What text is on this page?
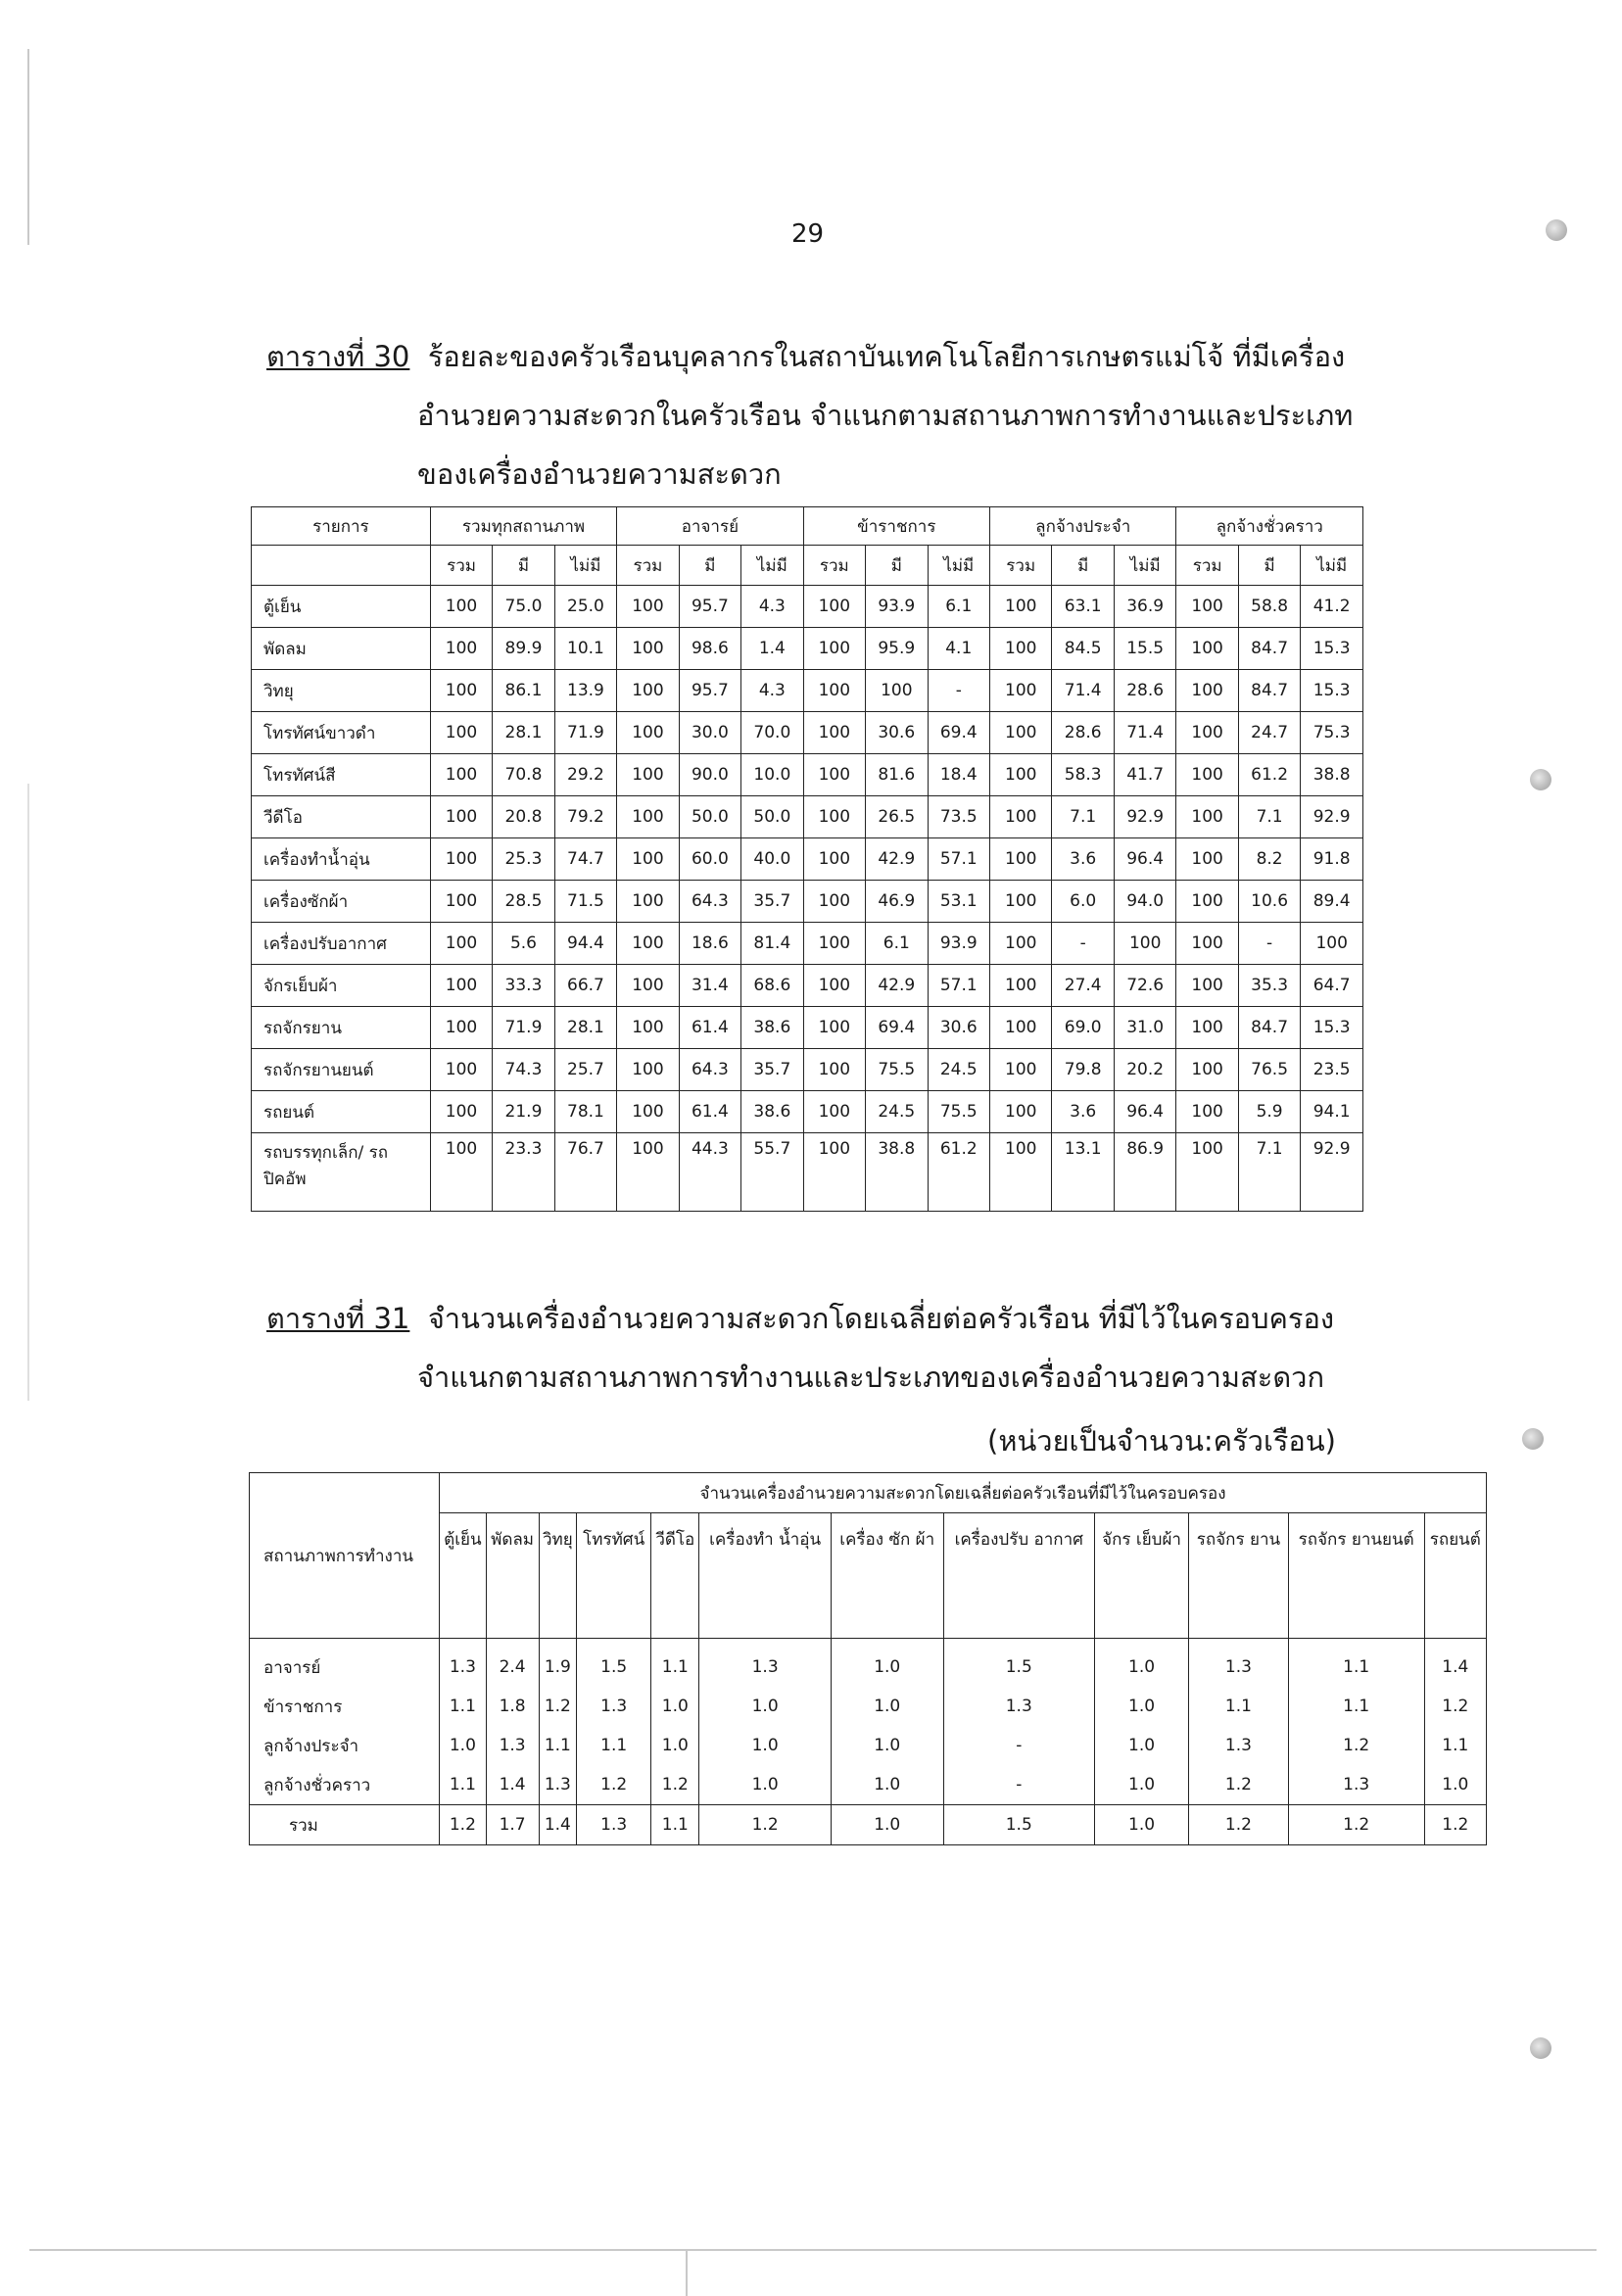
29
ตารางที่ 30 ร้อยละของครัวเรือนบุคลากรในสถาบันเทคโนโลยีการเกษตรแม่โจ้ ที่มีเครื่อง
อำนวยความสะดวกในครัวเรือน จำแนกตามสถานภาพการทำงานและประเภท
ของเครื่องอำนวยความสะดวก
รายการ	รวมทุกสถานภาพ			อาจารย์			ข้าราชการ			ลูกจ้างประจำ			ลูกจ้างชั่วคราว		
	รวม	มี	ไม่มี	รวม	มี	ไม่มี	รวม	มี	ไม่มี	รวม	มี	ไม่มี	รวม	มี	ไม่มี
ตู้เย็น	100	75.0	25.0	100	95.7	4.3	100	93.9	6.1	100	63.1	36.9	100	58.8	41.2
พัดลม	100	89.9	10.1	100	98.6	1.4	100	95.9	4.1	100	84.5	15.5	100	84.7	15.3
วิทยุ	100	86.1	13.9	100	95.7	4.3	100	100	-	100	71.4	28.6	100	84.7	15.3
โทรทัศน์ขาวดำ	100	28.1	71.9	100	30.0	70.0	100	30.6	69.4	100	28.6	71.4	100	24.7	75.3
โทรทัศน์สี	100	70.8	29.2	100	90.0	10.0	100	81.6	18.4	100	58.3	41.7	100	61.2	38.8
วีดีโอ	100	20.8	79.2	100	50.0	50.0	100	26.5	73.5	100	7.1	92.9	100	7.1	92.9
เครื่องทำน้ำอุ่น	100	25.3	74.7	100	60.0	40.0	100	42.9	57.1	100	3.6	96.4	100	8.2	91.8
เครื่องซักผ้า	100	28.5	71.5	100	64.3	35.7	100	46.9	53.1	100	6.0	94.0	100	10.6	89.4
เครื่องปรับอากาศ	100	5.6	94.4	100	18.6	81.4	100	6.1	93.9	100	-	100	100	-	100
จักรเย็บผ้า	100	33.3	66.7	100	31.4	68.6	100	42.9	57.1	100	27.4	72.6	100	35.3	64.7
รถจักรยาน	100	71.9	28.1	100	61.4	38.6	100	69.4	30.6	100	69.0	31.0	100	84.7	15.3
รถจักรยานยนต์	100	74.3	25.7	100	64.3	35.7	100	75.5	24.5	100	79.8	20.2	100	76.5	23.5
รถยนต์	100	21.9	78.1	100	61.4	38.6	100	24.5	75.5	100	3.6	96.4	100	5.9	94.1
รถบรรทุกเล็ก/ รถปิคอัพ	100	23.3	76.7	100	44.3	55.7	100	38.8	61.2	100	13.1	86.9	100	7.1	92.9
ตารางที่ 31 จำนวนเครื่องอำนวยความสะดวกโดยเฉลี่ยต่อครัวเรือน ที่มีไว้ในครอบครอง
จำแนกตามสถานภาพการทำงานและประเภทของเครื่องอำนวยความสะดวก
(หน่วยเป็นจำนวน:ครัวเรือน)
สถานภาพการทำงาน	จำนวนเครื่องอำนวยความสะดวกโดยเฉลี่ยต่อครัวเรือนที่มีไว้ในครอบครอง											
	ตู้เย็น	พัดลม	วิทยุ	โทรทัศน์	วีดีโอ	เครื่องทำ น้ำอุ่น	เครื่อง ซัก ผ้า	เครื่องปรับ อากาศ	จักร เย็บผ้า	รถจักร ยาน	รถจักร ยานยนต์	รถยนต์
อาจารย์	1.3	2.4	1.9	1.5	1.1	1.3	1.0	1.5	1.0	1.3	1.1	1.4
ข้าราชการ	1.1	1.8	1.2	1.3	1.0	1.0	1.0	1.3	1.0	1.1	1.1	1.2
ลูกจ้างประจำ	1.0	1.3	1.1	1.1	1.0	1.0	1.0	-	1.0	1.3	1.2	1.1
ลูกจ้างชั่วคราว	1.1	1.4	1.3	1.2	1.2	1.0	1.0	-	1.0	1.2	1.3	1.0
รวม	1.2	1.7	1.4	1.3	1.1	1.2	1.0	1.5	1.0	1.2	1.2	1.2
